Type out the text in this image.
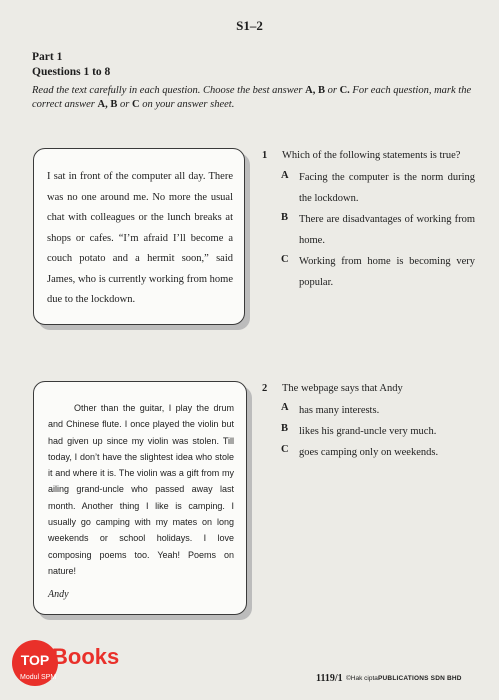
S1–2
Part 1
Questions 1 to 8
Read the text carefully in each question. Choose the best answer A, B or C. For each question, mark the correct answer A, B or C on your answer sheet.

I sat in front of the computer all day. There was no one around me. No more the usual chat with colleagues or the lunch breaks at shops or cafes. “I’m afraid I’ll become a couch potato and a hermit soon,” said James, who is currently working from home due to the lockdown.

1 Which of the following statements is true?
A Facing the computer is the norm during the lockdown.
B There are disadvantages of working from home.
C Working from home is becoming very popular.

Other than the guitar, I play the drum and Chinese flute. I once played the violin but had given up since my violin was stolen. Till today, I don’t have the slightest idea who stole it and where it is. The violin was a gift from my ailing grand-uncle who passed away last month. Another thing I like is camping. I usually go camping with my mates on long weekends or school holidays. I love composing poems too. Yeah! Poems on nature!

Andy
2 The webpage says that Andy
A has many interests.
B likes his grand-uncle very much.
C goes camping only on weekends.
TOP Books
Modul SPM	1119/1 ©Hak cipta PUBLICATIONS SDN BHD
